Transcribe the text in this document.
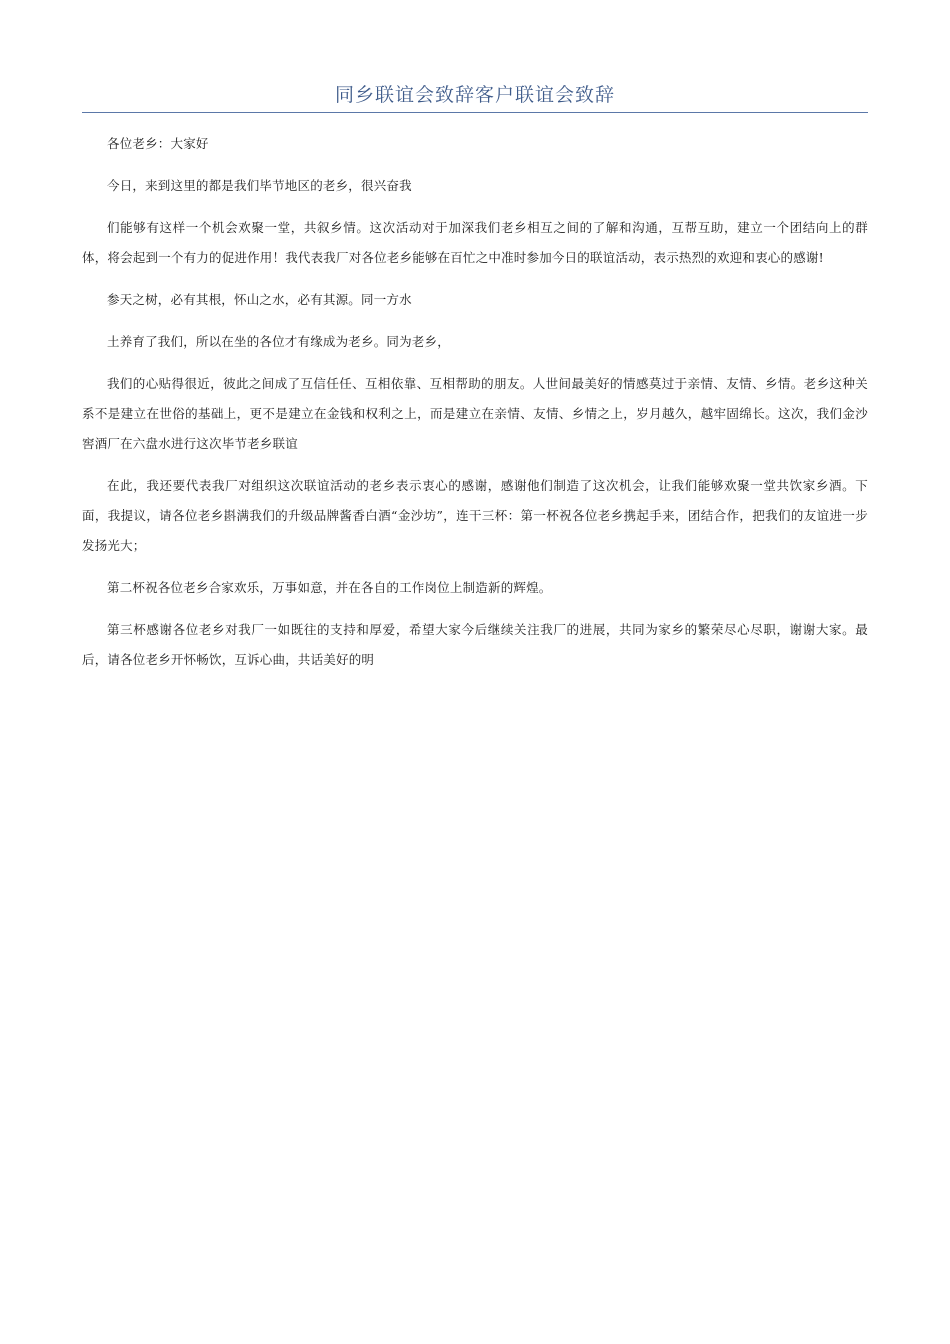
同乡联谊会致辞客户联谊会致辞

各位老乡：大家好

今日，来到这里的都是我们毕节地区的老乡，很兴奋我

们能够有这样一个机会欢聚一堂，共叙乡情。这次活动对于加深我们老乡相互之间的了解和沟通，互帮互助，建立一个团结向上的群体，将会起到一个有力的促进作用！我代表我厂对各位老乡能够在百忙之中准时参加今日的联谊活动，表示热烈的欢迎和衷心的感谢!

参天之树，必有其根，怀山之水，必有其源。同一方水

土养育了我们，所以在坐的各位才有缘成为老乡。同为老乡，

我们的心贴得很近，彼此之间成了互信任任、互相依靠、互相帮助的朋友。人世间最美好的情感莫过于亲情、友情、乡情。老乡这种关系不是建立在世俗的基础上，更不是建立在金钱和权利之上，而是建立在亲情、友情、乡情之上，岁月越久，越牢固绵长。这次，我们金沙窖酒厂在六盘水进行这次毕节老乡联谊

在此，我还要代表我厂对组织这次联谊活动的老乡表示衷心的感谢，感谢他们制造了这次机会，让我们能够欢聚一堂共饮家乡酒。下面，我提议，请各位老乡斟满我们的升级品牌酱香白酒“金沙坊”，连干三杯：第一杯祝各位老乡携起手来，团结合作，把我们的友谊进一步发扬光大；

第二杯祝各位老乡合家欢乐，万事如意，并在各自的工作岗位上制造新的辉煌。

第三杯感谢各位老乡对我厂一如既往的支持和厚爱，希望大家今后继续关注我厂的进展，共同为家乡的繁荣尽心尽职，谢谢大家。最后，请各位老乡开怀畅饮，互诉心曲，共话美好的明
